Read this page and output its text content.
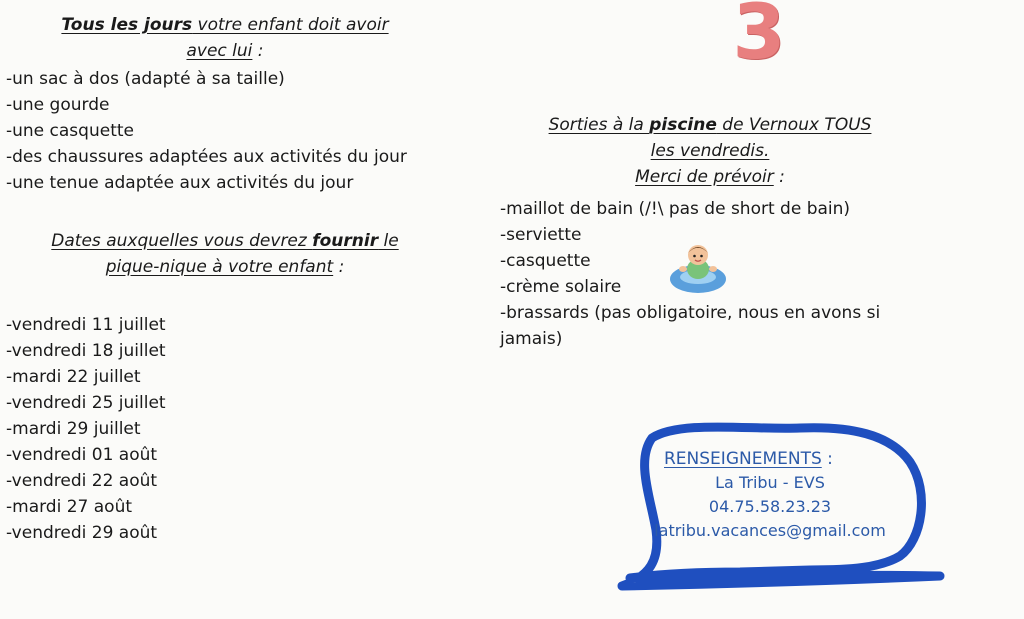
Tous les jours votre enfant doit avoir
avec lui :
-un sac à dos (adapté à sa taille)
-une gourde
-une casquette
-des chaussures adaptées aux activités du jour
-une tenue adaptée aux activités du jour
Dates auxquelles vous devrez fournir le
pique-nique à votre enfant :
-vendredi 11 juillet
-vendredi 18 juillet
-mardi 22 juillet
-vendredi 25 juillet
-mardi 29 juillet
-vendredi 01 août
-vendredi 22 août
-mardi 27 août
-vendredi 29 août
3
Sorties à la piscine de Vernoux TOUS
les vendredis.
Merci de prévoir :
-maillot de bain (/!\ pas de short de bain)
-serviette
-casquette
-crème solaire
-brassards (pas obligatoire, nous en avons si
jamais)
RENSEIGNEMENTS :
La Tribu - EVS
04.75.58.23.23
latribu.vacances@gmail.com
